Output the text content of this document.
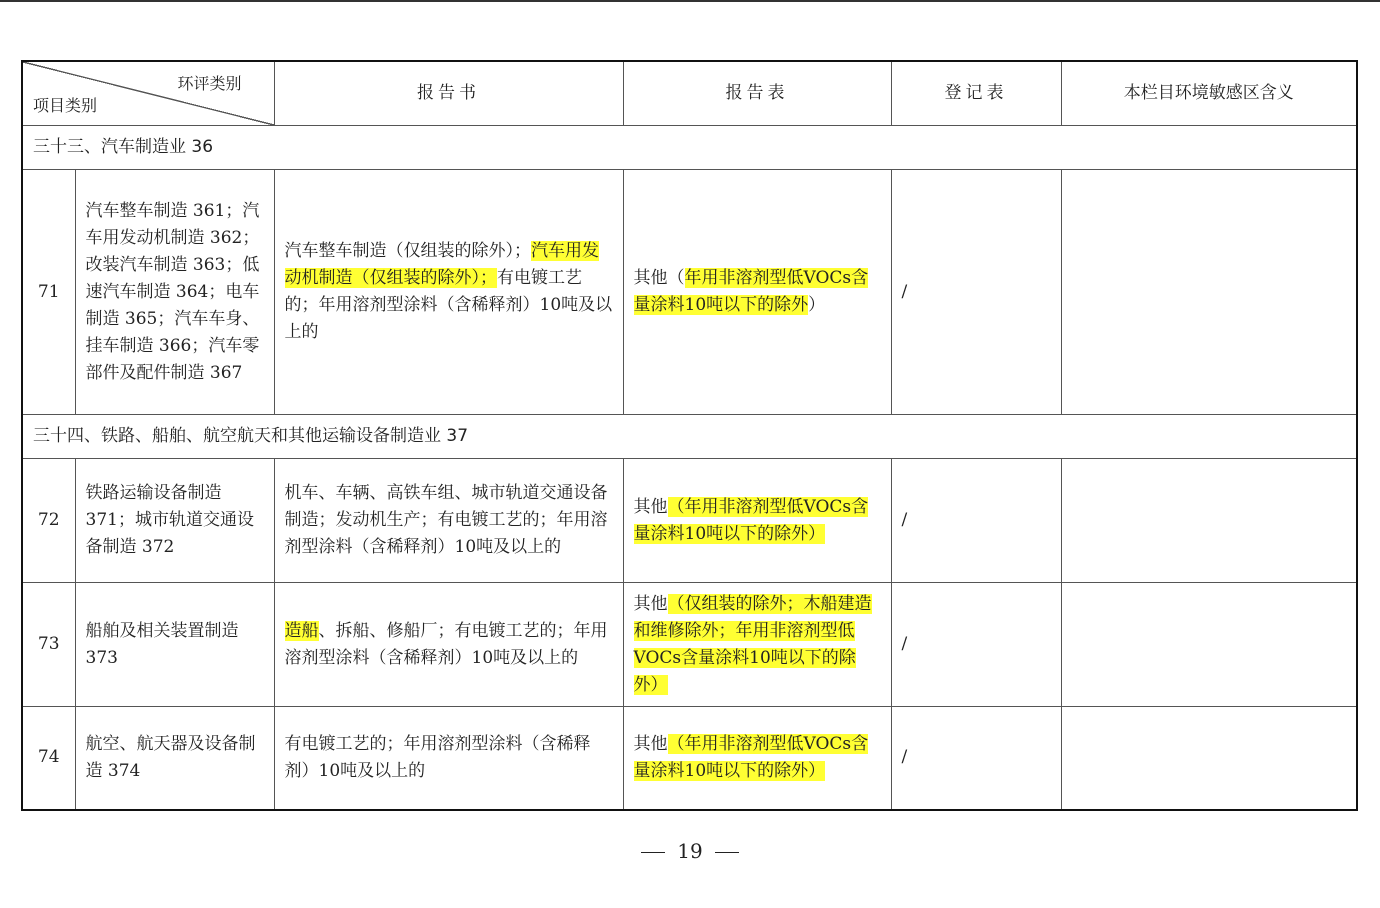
环评类别
项目类别		报告书	报告表	登记表	本栏目环境敏感区含义
三十三、汽车制造业 36					
71	汽车整车制造 361；汽车用发动机制造 362；改装汽车制造 363；低速汽车制造 364；电车制造 365；汽车车身、挂车制造 366；汽车零部件及配件制造 367	汽车整车制造（仅组装的除外）；汽车用发动机制造（仅组装的除外）；有电镀工艺的；年用溶剂型涂料（含稀释剂）10吨及以上的	其他（年用非溶剂型低VOCs含量涂料10吨以下的除外）	/	
三十四、铁路、船舶、航空航天和其他运输设备制造业 37					
72	铁路运输设备制造 371；城市轨道交通设备制造 372	机车、车辆、高铁车组、城市轨道交通设备制造；发动机生产；有电镀工艺的；年用溶剂型涂料（含稀释剂）10吨及以上的	其他（年用非溶剂型低VOCs含量涂料10吨以下的除外）	/	
73	船舶及相关装置制造 373	造船、拆船、修船厂；有电镀工艺的；年用溶剂型涂料（含稀释剂）10吨及以上的	其他（仅组装的除外；木船建造和维修除外；年用非溶剂型低VOCs含量涂料10吨以下的除外）	/	
74	航空、航天器及设备制造 374	有电镀工艺的；年用溶剂型涂料（含稀释剂）10吨及以上的	其他（年用非溶剂型低VOCs含量涂料10吨以下的除外）	/	
19
